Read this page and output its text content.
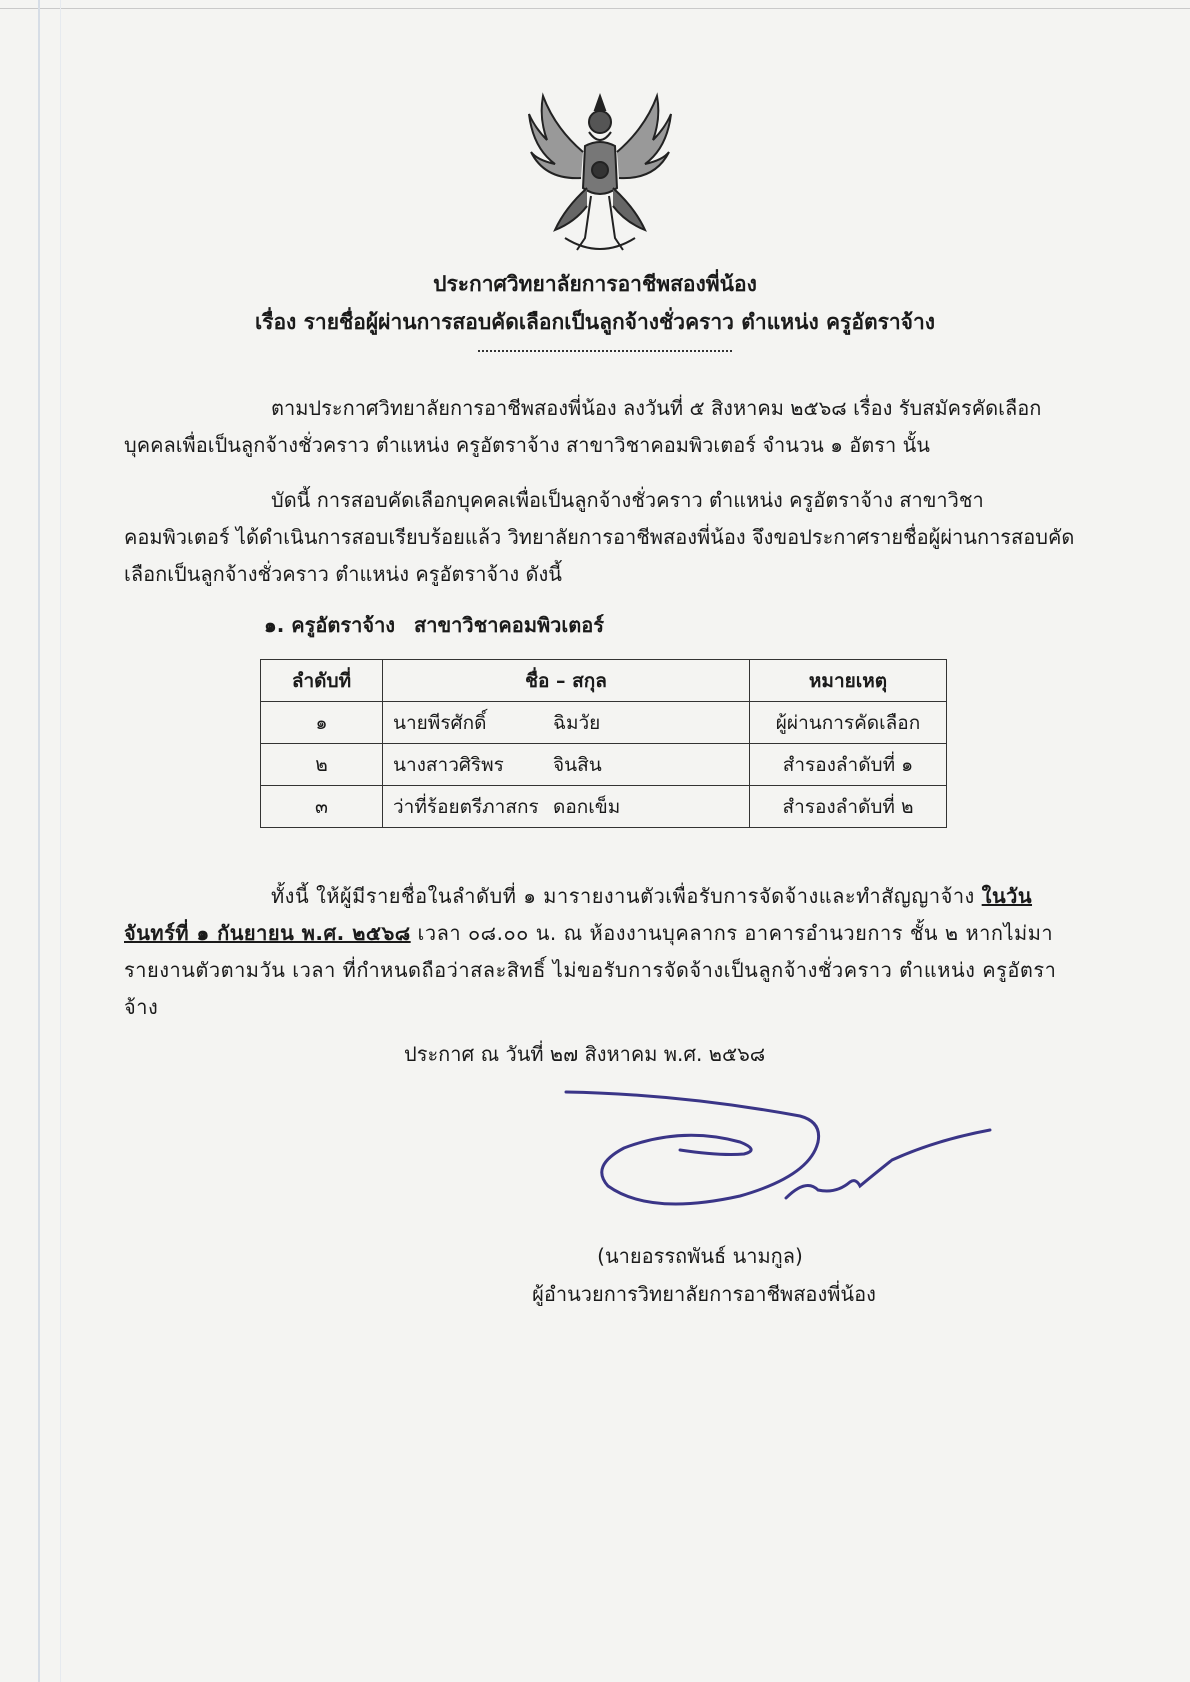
ประกาศวิทยาลัยการอาชีพสองพี่น้อง
เรื่อง รายชื่อผู้ผ่านการสอบคัดเลือกเป็นลูกจ้างชั่วคราว ตำแหน่ง ครูอัตราจ้าง
ตามประกาศวิทยาลัยการอาชีพสองพี่น้อง ลงวันที่ ๕ สิงหาคม ๒๕๖๘ เรื่อง รับสมัครคัดเลือกบุคคลเพื่อเป็นลูกจ้างชั่วคราว ตำแหน่ง ครูอัตราจ้าง สาขาวิชาคอมพิวเตอร์ จำนวน ๑ อัตรา นั้น
บัดนี้ การสอบคัดเลือกบุคคลเพื่อเป็นลูกจ้างชั่วคราว ตำแหน่ง ครูอัตราจ้าง สาขาวิชาคอมพิวเตอร์ ได้ดำเนินการสอบเรียบร้อยแล้ว วิทยาลัยการอาชีพสองพี่น้อง จึงขอประกาศรายชื่อผู้ผ่านการสอบคัดเลือกเป็นลูกจ้างชั่วคราว ตำแหน่ง ครูอัตราจ้าง ดังนี้
๑. ครูอัตราจ้าง สาขาวิชาคอมพิวเตอร์
ลำดับที่	ชื่อ – สกุล	หมายเหตุ
๑	นายพีรศักดิ์ ฉิมวัย	ผู้ผ่านการคัดเลือก
๒	นางสาวศิริพร จินสิน	สำรองลำดับที่ ๑
๓	ว่าที่ร้อยตรีภาสกร ดอกเข็ม	สำรองลำดับที่ ๒
ทั้งนี้ ให้ผู้มีรายชื่อในลำดับที่ ๑ มารายงานตัวเพื่อรับการจัดจ้างและทำสัญญาจ้าง ในวันจันทร์ที่ ๑ กันยายน พ.ศ. ๒๕๖๘ เวลา ๐๘.๐๐ น. ณ ห้องงานบุคลากร อาคารอำนวยการ ชั้น ๒ หากไม่มารายงานตัวตามวัน เวลา ที่กำหนดถือว่าสละสิทธิ์ ไม่ขอรับการจัดจ้างเป็นลูกจ้างชั่วคราว ตำแหน่ง ครูอัตราจ้าง
ประกาศ ณ วันที่ ๒๗ สิงหาคม พ.ศ. ๒๕๖๘
(นายอรรถพันธ์ นามกูล)
ผู้อำนวยการวิทยาลัยการอาชีพสองพี่น้อง
